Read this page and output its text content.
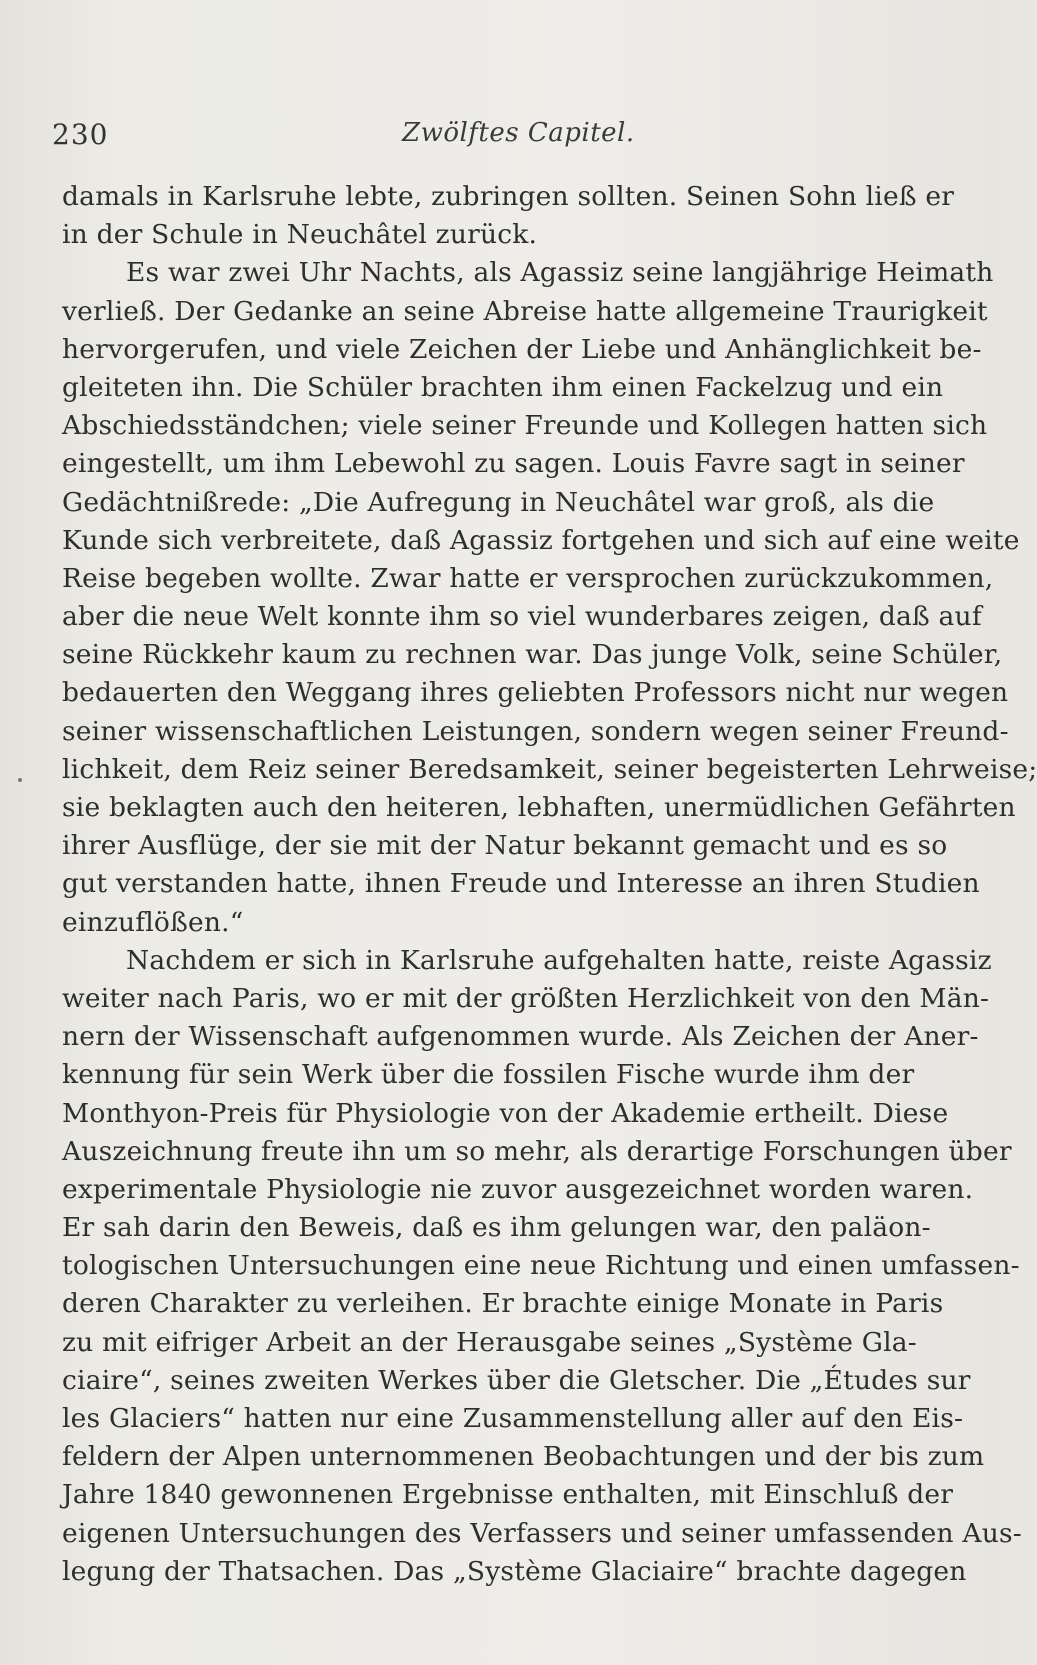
230	Zwölftes Capitel.
damals in Karlsruhe lebte, zubringen sollten. Seinen Sohn ließ er
in der Schule in Neuchâtel zurück.
Es war zwei Uhr Nachts, als Agassiz seine langjährige Heimath
verließ. Der Gedanke an seine Abreise hatte allgemeine Traurigkeit
hervorgerufen, und viele Zeichen der Liebe und Anhänglichkeit be-
gleiteten ihn. Die Schüler brachten ihm einen Fackelzug und ein
Abschiedsständchen; viele seiner Freunde und Kollegen hatten sich
eingestellt, um ihm Lebewohl zu sagen. Louis Favre sagt in seiner
Gedächtnißrede: „Die Aufregung in Neuchâtel war groß, als die
Kunde sich verbreitete, daß Agassiz fortgehen und sich auf eine weite
Reise begeben wollte. Zwar hatte er versprochen zurückzukommen,
aber die neue Welt konnte ihm so viel wunderbares zeigen, daß auf
seine Rückkehr kaum zu rechnen war. Das junge Volk, seine Schüler,
bedauerten den Weggang ihres geliebten Professors nicht nur wegen
seiner wissenschaftlichen Leistungen, sondern wegen seiner Freund-
lichkeit, dem Reiz seiner Beredsamkeit, seiner begeisterten Lehrweise;
sie beklagten auch den heiteren, lebhaften, unermüdlichen Gefährten
ihrer Ausflüge, der sie mit der Natur bekannt gemacht und es so
gut verstanden hatte, ihnen Freude und Interesse an ihren Studien
einzuflößen.“
Nachdem er sich in Karlsruhe aufgehalten hatte, reiste Agassiz
weiter nach Paris, wo er mit der größten Herzlichkeit von den Män-
nern der Wissenschaft aufgenommen wurde. Als Zeichen der Aner-
kennung für sein Werk über die fossilen Fische wurde ihm der
Monthyon-Preis für Physiologie von der Akademie ertheilt. Diese
Auszeichnung freute ihn um so mehr, als derartige Forschungen über
experimentale Physiologie nie zuvor ausgezeichnet worden waren.
Er sah darin den Beweis, daß es ihm gelungen war, den paläon-
tologischen Untersuchungen eine neue Richtung und einen umfassen-
deren Charakter zu verleihen. Er brachte einige Monate in Paris
zu mit eifriger Arbeit an der Herausgabe seines „Système Gla-
ciaire“, seines zweiten Werkes über die Gletscher. Die „Études sur
les Glaciers“ hatten nur eine Zusammenstellung aller auf den Eis-
feldern der Alpen unternommenen Beobachtungen und der bis zum
Jahre 1840 gewonnenen Ergebnisse enthalten, mit Einschluß der
eigenen Untersuchungen des Verfassers und seiner umfassenden Aus-
legung der Thatsachen. Das „Système Glaciaire“ brachte dagegen
